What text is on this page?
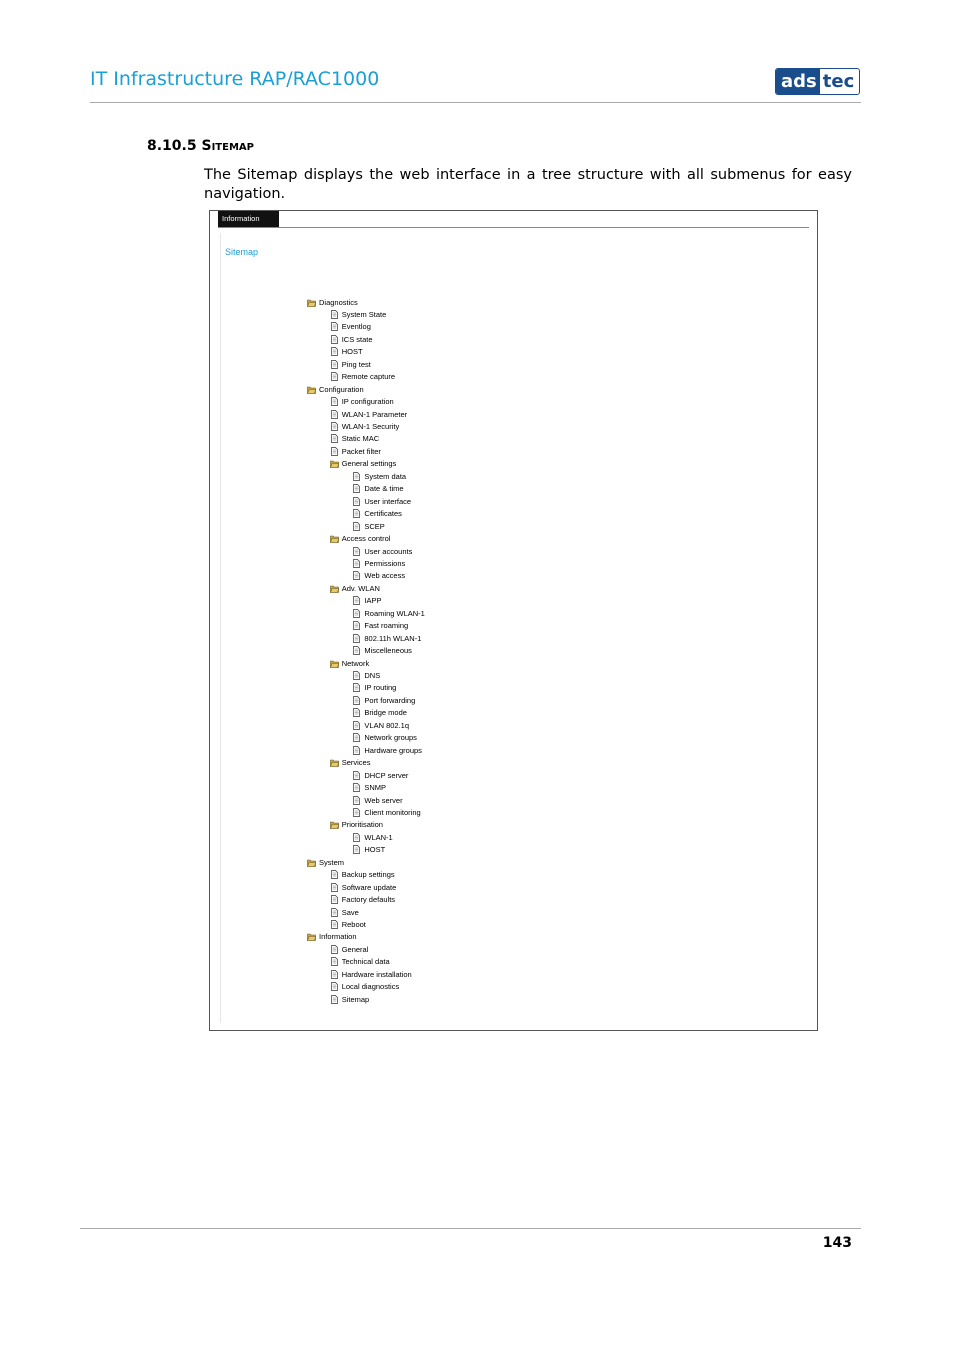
IT Infrastructure RAP/RAC1000	ads tec
8.10.5 Sitemap
The Sitemap displays the web interface in a tree structure with all submenus for easy navigation.
Information
Sitemap
Diagnostics
System State
Eventlog
ICS state
HOST
Ping test
Remote capture
Configuration
IP configuration
WLAN-1 Parameter
WLAN-1 Security
Static MAC
Packet filter
General settings
System data
Date & time
User interface
Certificates
SCEP
Access control
User accounts
Permissions
Web access
Adv. WLAN
IAPP
Roaming WLAN-1
Fast roaming
802.11h WLAN-1
Miscelleneous
Network
DNS
IP routing
Port forwarding
Bridge mode
VLAN 802.1q
Network groups
Hardware groups
Services
DHCP server
SNMP
Web server
Client monitoring
Prioritisation
WLAN-1
HOST
System
Backup settings
Software update
Factory defaults
Save
Reboot
Information
General
Technical data
Hardware installation
Local diagnostics
Sitemap
143
